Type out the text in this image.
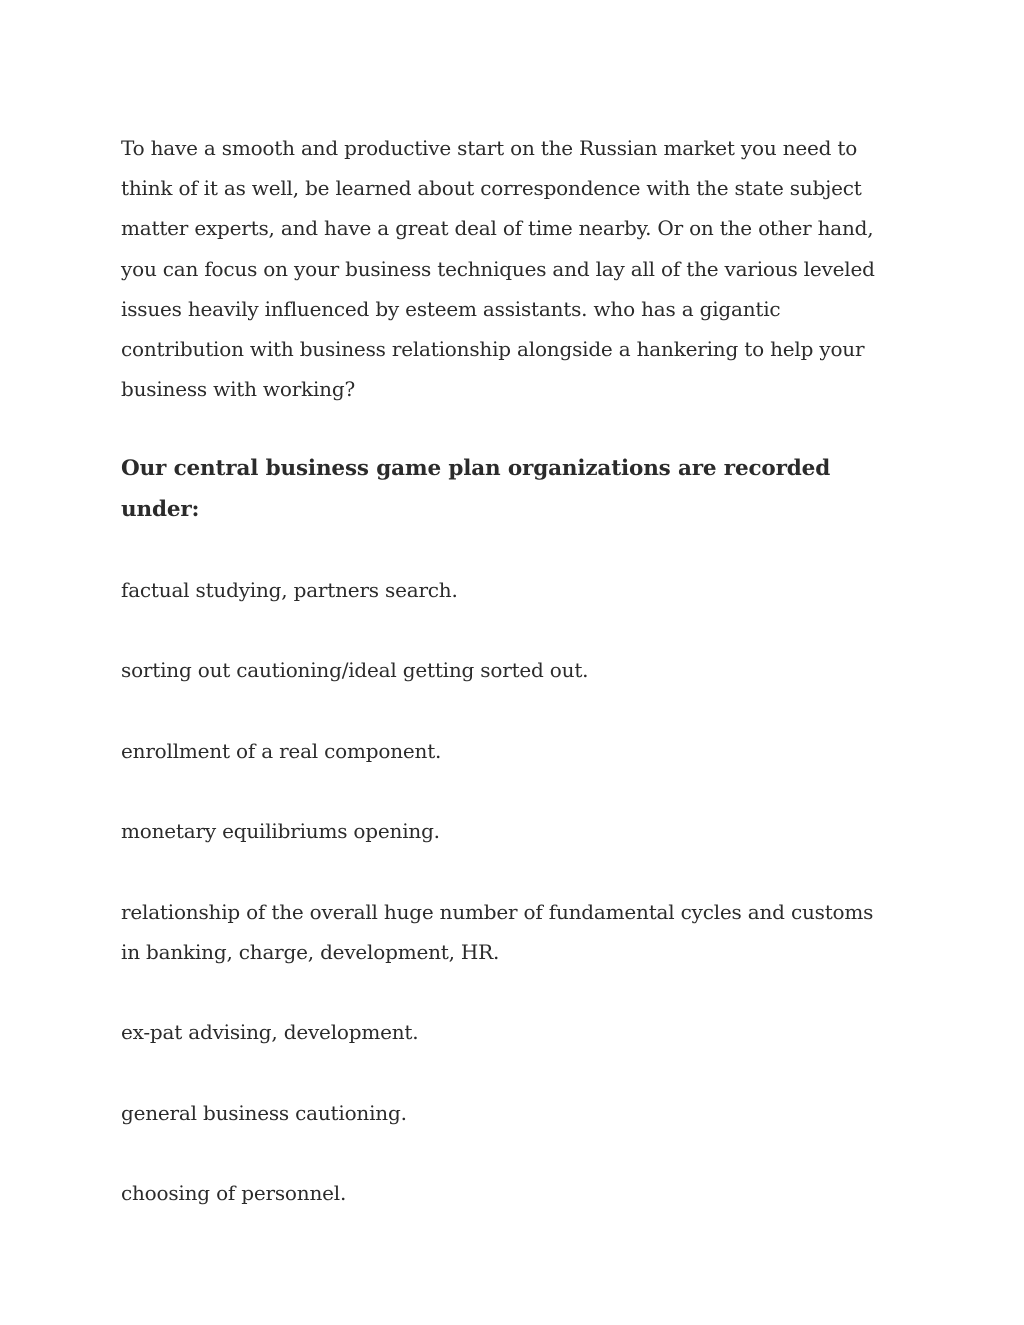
To have a smooth and productive start on the Russian market you need to think of it as well, be learned about correspondence with the state subject matter experts, and have a great deal of time nearby. Or on the other hand, you can focus on your business techniques and lay all of the various leveled issues heavily influenced by esteem assistants. who has a gigantic contribution with business relationship alongside a hankering to help your business with working?

Our central business game plan organizations are recorded under:
factual studying, partners search.
sorting out cautioning/ideal getting sorted out.
enrollment of a real component.
monetary equilibriums opening.
relationship of the overall huge number of fundamental cycles and customs in banking, charge, development, HR.
ex-pat advising, development.
general business cautioning.
choosing of personnel.
